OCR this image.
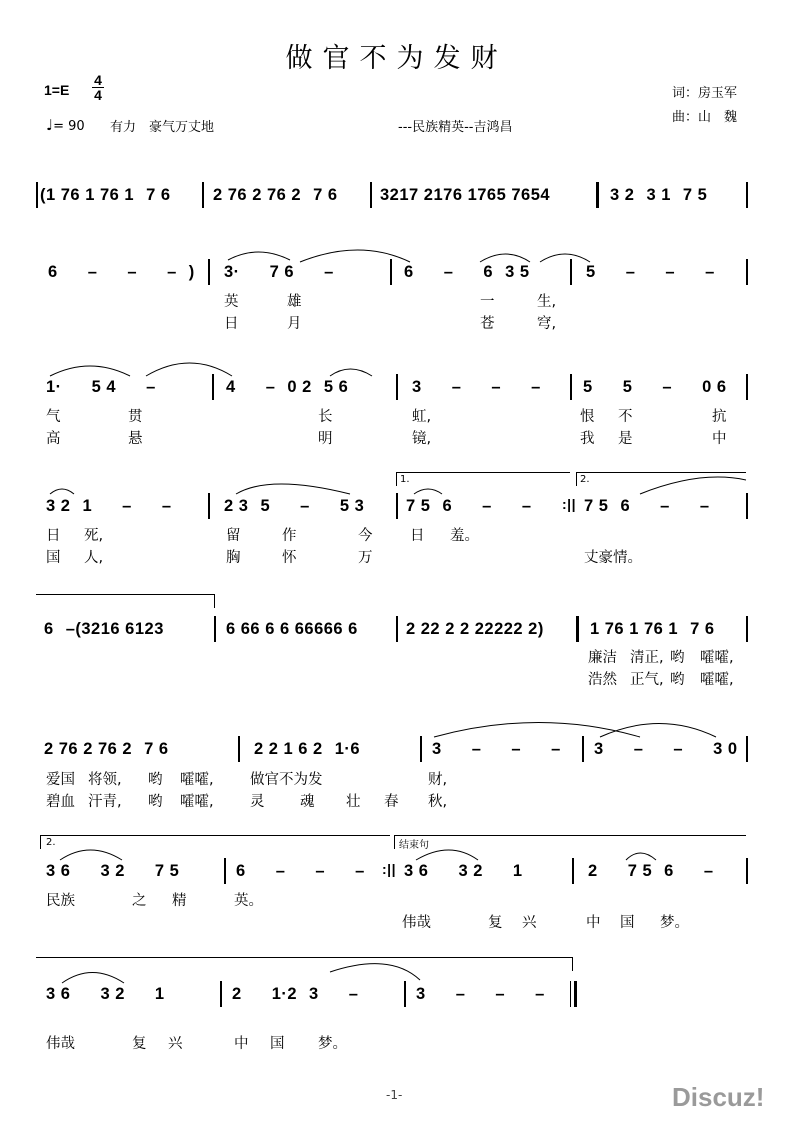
做官不为发财
$1=E \frac{4}{4}$
♩= 90 有力　豪气万丈地	---民族精英--吉鸿昌
词：房玉军
曲：山　魏
(1 76 1 76 1 7 6	2 76 2 76 2 7 6	3217 2176 1765 7654	3 2 3 1 7 5
6 – – – ) 3· 7 6 –	6 – 6 3 5	5 – – –
英	雄	一	生,
日	月	苍	穹,
1· 5 4 –	4 – 0 2 5 6	3 – – –	5 5 – 0 6
气	贯	长	虹,	恨 不	抗
高	悬	明	镜,	我 是	中
1.	2.
3 2 1 – –	2 3 5 – 5 3	7 5 6 – –	7 5 6 – –
:||
日 死,	留	作	今	日 羞。
国 人,	胸	怀	万	丈豪情。
6 –(3216 6123	6 66 6 6 66666 6	2 22 2 2 22222 2)	1 76 1 76 1 7 6
廉洁 清正, 哟 嚯嚯,
浩然 正气, 哟 嚯嚯,
2 76 2 76 2 7 6	2 2 1 6 2 1·6	3 – – – 3 – – 3 0
爱国 将领, 哟 嚯嚯,	做官不为发	财,
碧血 汗青, 哟 嚯嚯,	灵 魂 壮 春 秋,
2.	结束句
3 6 3 2 7 5	6 – – – :|| 3 6 3 2 1	2 7 5 6 –
民族	之 精	英。
伟哉	复 兴	中 国 梦。
3 6 3 2 1	2 1·2 3 –	3 – – –
伟哉	复 兴	中 国 梦。
-1-	Discuz!
